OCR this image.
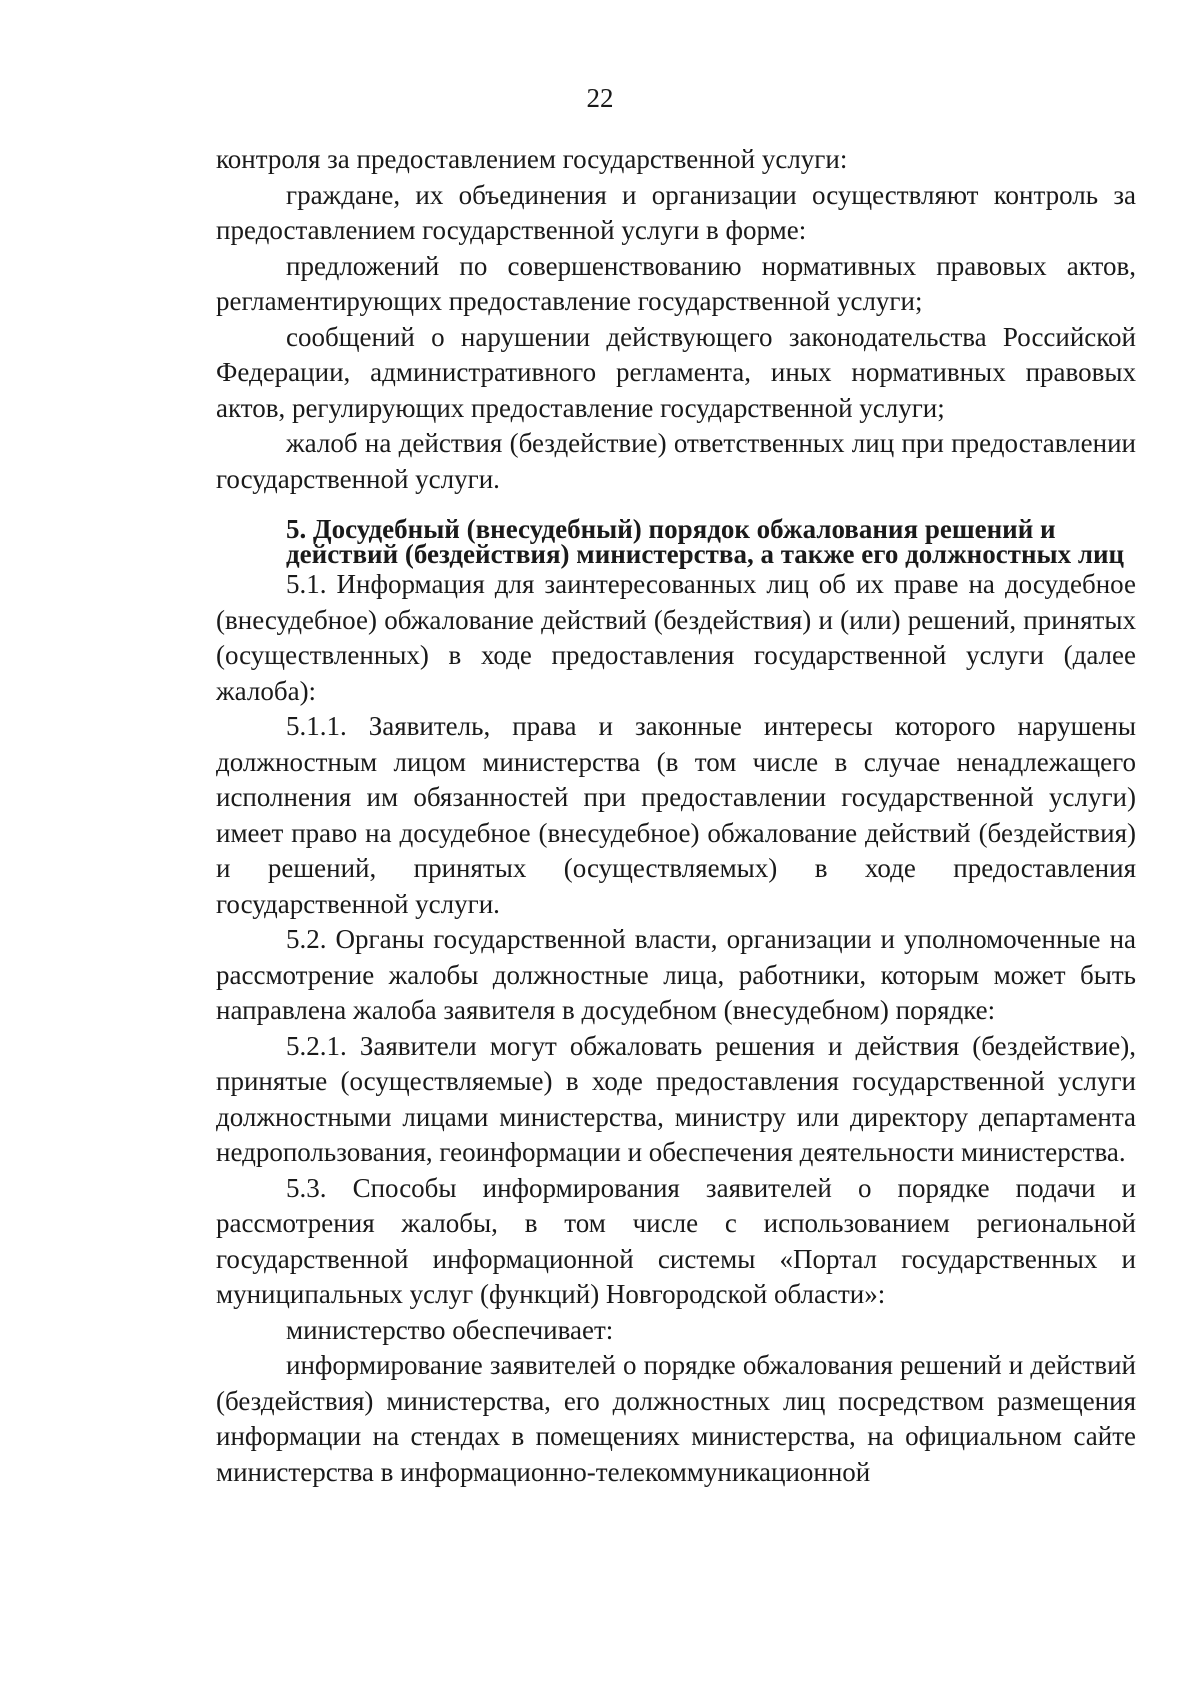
22

контроля за предоставлением государственной услуги:

граждане, их объединения и организации осуществляют контроль за предоставлением государственной услуги в форме:

предложений по совершенствованию нормативных правовых актов, регламентирующих предоставление государственной услуги;

сообщений о нарушении действующего законодательства Российской Федерации, административного регламента, иных нормативных правовых актов, регулирующих предоставление государственной услуги;

жалоб на действия (бездействие) ответственных лиц при предоставлении государственной услуги.

5. Досудебный (внесудебный) порядок обжалования решений и действий (бездействия) министерства, а также его должностных лиц

5.1. Информация для заинтересованных лиц об их праве на досудебное (внесудебное) обжалование действий (бездействия) и (или) решений, принятых (осуществленных) в ходе предоставления государственной услуги (далее жалоба):

5.1.1. Заявитель, права и законные интересы которого нарушены должностным лицом министерства (в том числе в случае ненадлежащего исполнения им обязанностей при предоставлении государственной услуги) имеет право на досудебное (внесудебное) обжалование действий (бездействия) и решений, принятых (осуществляемых) в ходе предоставления государственной услуги.

5.2. Органы государственной власти, организации и уполномоченные на рассмотрение жалобы должностные лица, работники, которым может быть направлена жалоба заявителя в досудебном (внесудебном) порядке:

5.2.1. Заявители могут обжаловать решения и действия (бездействие), принятые (осуществляемые) в ходе предоставления государственной услуги должностными лицами министерства, министру или директору департамента недропользования, геоинформации и обеспечения деятельности министерства.

5.3. Способы информирования заявителей о порядке подачи и рассмотрения жалобы, в том числе с использованием региональной государственной информационной системы «Портал государственных и муниципальных услуг (функций) Новгородской области»:

министерство обеспечивает:

информирование заявителей о порядке обжалования решений и действий (бездействия) министерства, его должностных лиц посредством размещения информации на стендах в помещениях министерства, на официальном сайте министерства в информационно-телекоммуникационной
